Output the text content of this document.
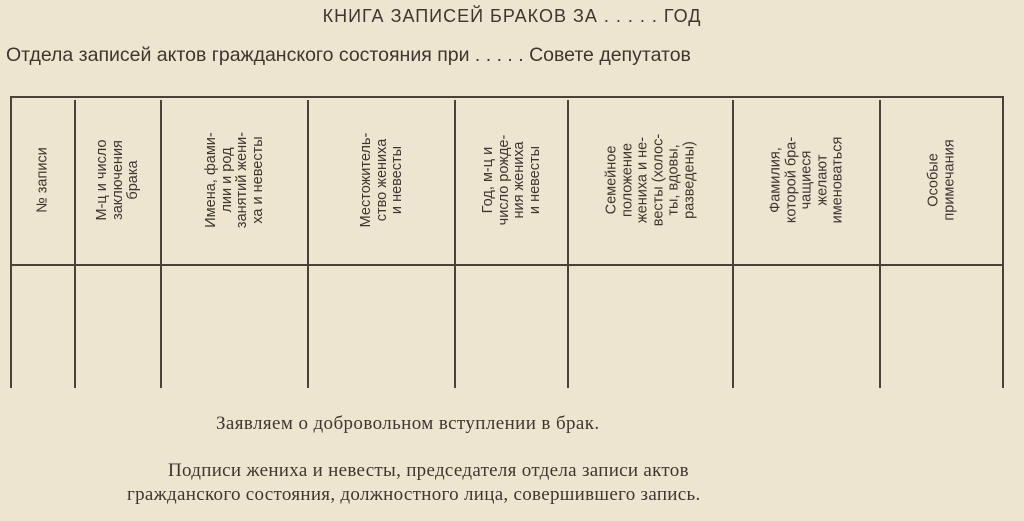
КНИГА ЗАПИСЕЙ БРАКОВ ЗА . . . . . ГОД
Отдела записей актов гражданского состояния при . . . . . Совете депутатов
№ записи	М-ц и число
заключения
брака	Имена, фами-
лии и род
занятий жени-
ха и невесты	Местожитель-
ство жениха
и невесты	Год, м-ц и
число рожде-
ния жениха
и невесты	Семейное
положение
жениха и не-
весты (холос-
ты, вдовы,
разведены)	Фамилия,
которой бра-
чащиеся
желают
именоваться	Особые
примечания
Заявляем о добровольном вступлении в брак.
Подписи жениха и невесты, председателя отдела записи актов
гражданского состояния, должностного лица, совершившего запись.
